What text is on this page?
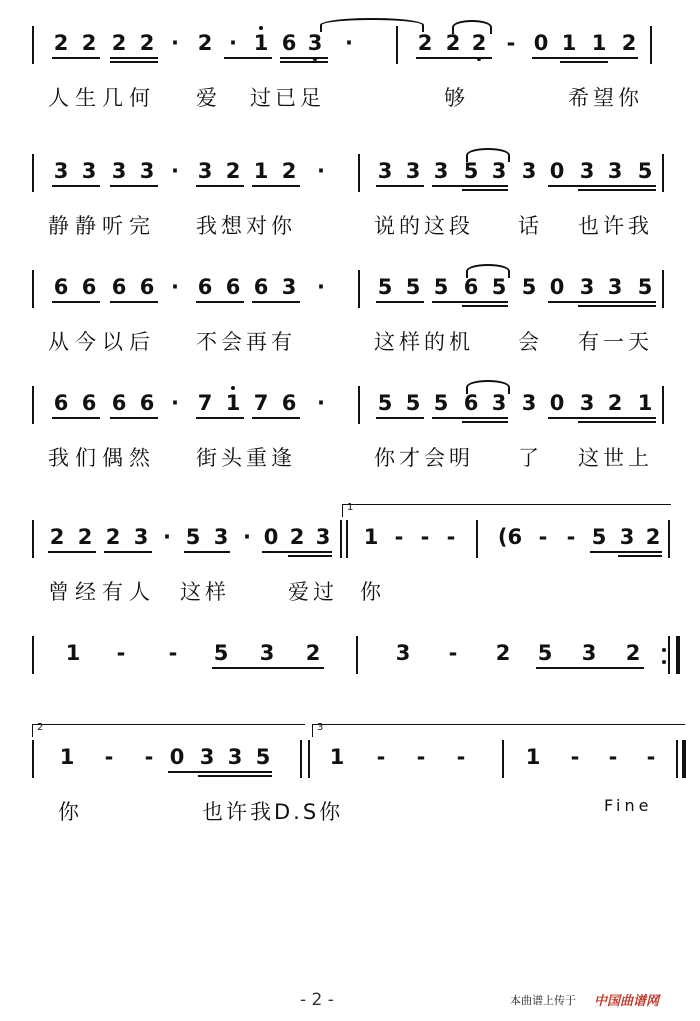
2 2 2 2 · 2 · 1 6 3 ·	2 2 2 - 0 1 1 2
人生几何 爱 过已足	够	希望你
3 3 3 3 · 3 2 1 2 ·	3 3 3 5 3 3 0 3 3 5
静静听完 我想对你	说的这段 话 也许我
6 6 6 6 · 6 6 6 3 ·	5 5 5 6 5 5 0 3 3 5
从今以后 不会再有	这样的机 会 有一天
6 6 6 6 · 7 1 7 6 ·	5 5 5 6 3 3 0 3 2 1
我们偶然 街头重逢	你才会明 了 这世上
2 2 2 3 · 5 3 · 0 2 3 1 - - - (6 - - 5 3 2
1
曾经有人 这样	爱过 你
1 - - 5 3 2	3 - 2 5 3 2
1 - - 0 3 3 5	1 - - -	1 - - -
2	3
你	也许我D.S你	Fine
- 2 -	本曲谱上传于 中国曲谱网
